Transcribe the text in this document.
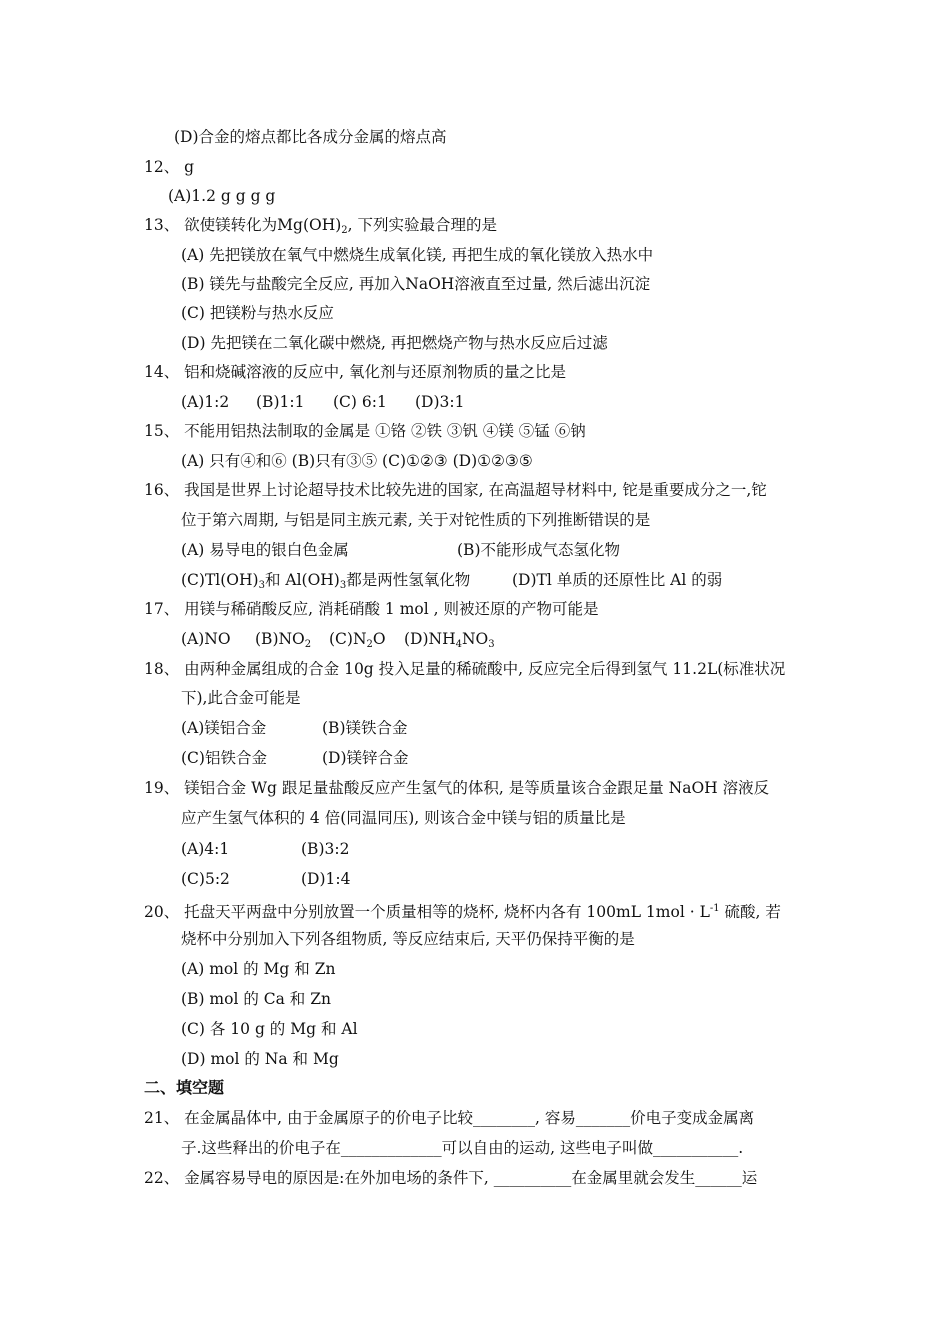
(D)合金的熔点都比各成分金属的熔点高
12、 g
(A)1.2 g g g g
13、 欲使镁转化为$Mg(OH)_2$, 下列实验最合理的是
(A) 先把镁放在氧气中燃烧生成氧化镁, 再把生成的氧化镁放入热水中
(B) 镁先与盐酸完全反应, 再加入NaOH溶液直至过量, 然后滤出沉淀
(C) 把镁粉与热水反应
(D) 先把镁在二氧化碳中燃烧, 再把燃烧产物与热水反应后过滤
14、 铝和烧碱溶液的反应中, 氧化剂与还原剂物质的量之比是
(A)1:2 (B)1:1 (C) 6:1 (D)3:1
15、 不能用铝热法制取的金属是 ①铬 ②铁 ③钒 ④镁 ⑤锰 ⑥钠
(A) 只有④和⑥ (B)只有③⑤ (C)①②③ (D)①②③⑤
16、 我国是世界上讨论超导技术比较先进的国家, 在高温超导材料中, 铊是重要成分之一,铊
位于第六周期, 与铝是同主族元素, 关于对铊性质的下列推断错误的是
(A) 易导电的银白色金属	(B)不能形成气态氢化物
$(C)Tl(OH)_3$和 $Al(OH)_3$都是两性氢氧化物	(D)Tl 单质的还原性比 Al 的弱
17、 用镁与稀硝酸反应, 消耗硝酸 1 mol , 则被还原的产物可能是
(A)NO $(B)NO_2$ $(C)N_2O$ $(D)NH_4NO_3$
18、 由两种金属组成的合金 10g 投入足量的稀硫酸中, 反应完全后得到氢气 11.2L(标准状况
下),此合金可能是
(A)镁铝合金	(B)镁铁合金
(C)铝铁合金	(D)镁锌合金
19、 镁铝合金 Wg 跟足量盐酸反应产生氢气的体积, 是等质量该合金跟足量 NaOH 溶液反
应产生氢气体积的 4 倍(同温同压), 则该合金中镁与铝的质量比是
(A)4:1	(B)3:2
(C)5:2	(D)1:4
20、 托盘天平两盘中分别放置一个质量相等的烧杯, 烧杯内各有 100mL $1mol \cdot L^{-1}$ 硫酸, 若
烧杯中分别加入下列各组物质, 等反应结束后, 天平仍保持平衡的是
(A) mol 的 Mg 和 Zn
(B) mol 的 Ca 和 Zn
(C) 各 10 g 的 Mg 和 Al
(D) mol 的 Na 和 Mg
二、填空题
21、 在金属晶体中, 由于金属原子的价电子比较________, 容易_______价电子变成金属离
子.这些释出的价电子在_____________可以自由的运动, 这些电子叫做___________.
22、 金属容易导电的原因是:在外加电场的条件下, __________在金属里就会发生______运
